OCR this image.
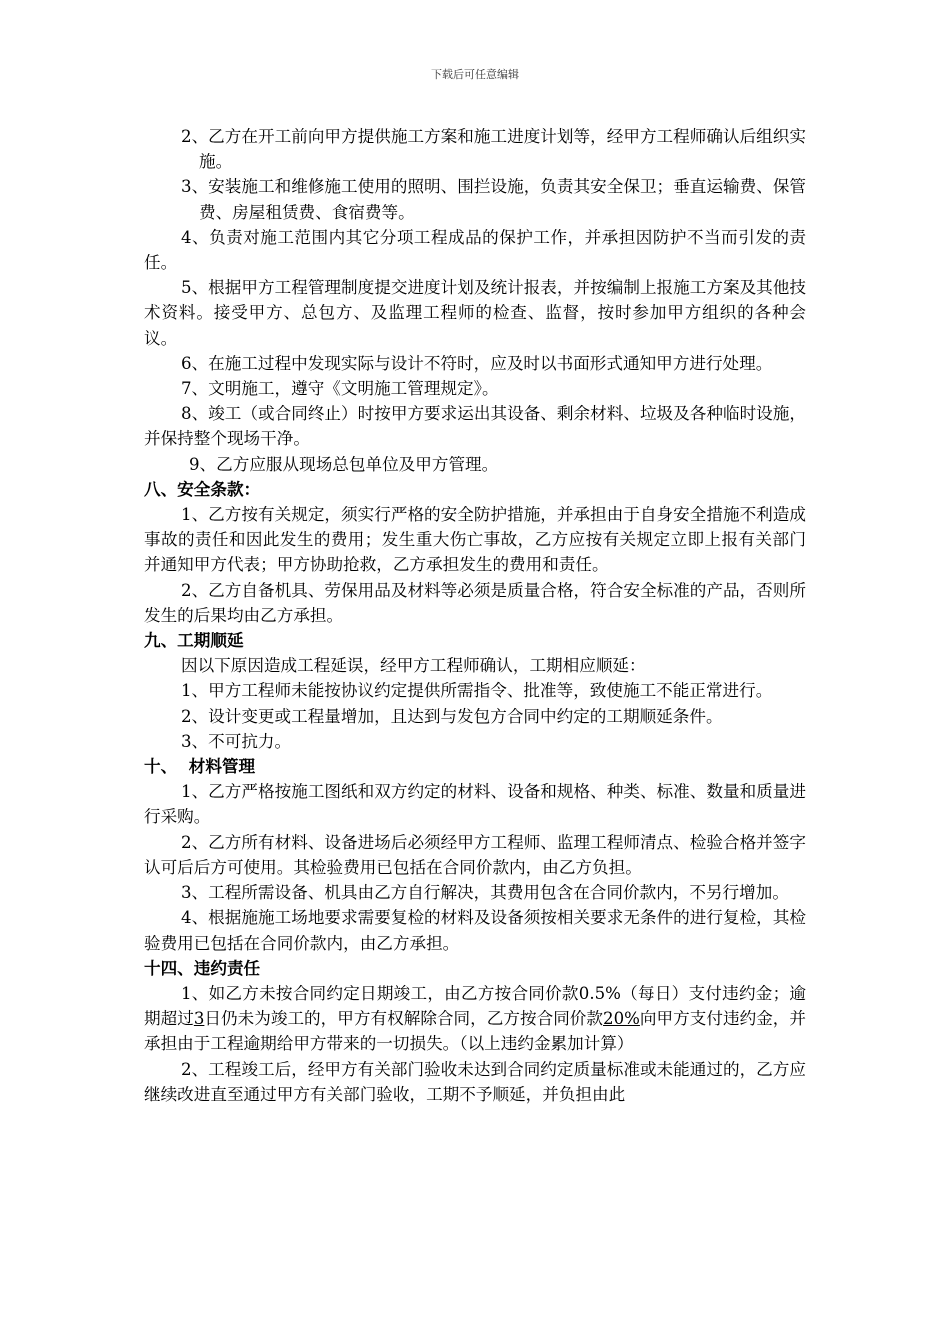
下载后可任意编辑

2、乙方在开工前向甲方提供施工方案和施工进度计划等，经甲方工程师确认后组织实施。

3、安装施工和维修施工使用的照明、围拦设施，负责其安全保卫；垂直运输费、保管费、房屋租赁费、食宿费等。

4、负责对施工范围内其它分项工程成品的保护工作，并承担因防护不当而引发的责任。

5、根据甲方工程管理制度提交进度计划及统计报表，并按编制上报施工方案及其他技术资料。接受甲方、总包方、及监理工程师的检查、监督，按时参加甲方组织的各种会议。

6、在施工过程中发现实际与设计不符时，应及时以书面形式通知甲方进行处理。

7、文明施工，遵守《文明施工管理规定》。

8、竣工（或合同终止）时按甲方要求运出其设备、剩余材料、垃圾及各种临时设施，并保持整个现场干净。

9、乙方应服从现场总包单位及甲方管理。

八、安全条款：

1、乙方按有关规定，须实行严格的安全防护措施，并承担由于自身安全措施不利造成事故的责任和因此发生的费用；发生重大伤亡事故，乙方应按有关规定立即上报有关部门并通知甲方代表；甲方协助抢救，乙方承担发生的费用和责任。

2、乙方自备机具、劳保用品及材料等必须是质量合格，符合安全标准的产品，否则所发生的后果均由乙方承担。

九、工期顺延

因以下原因造成工程延误，经甲方工程师确认，工期相应顺延：

1、甲方工程师未能按协议约定提供所需指令、批准等，致使施工不能正常进行。

2、设计变更或工程量增加，且达到与发包方合同中约定的工期顺延条件。

3、不可抗力。

十、  材料管理

1、乙方严格按施工图纸和双方约定的材料、设备和规格、种类、标准、数量和质量进行采购。

2、乙方所有材料、设备进场后必须经甲方工程师、监理工程师清点、检验合格并签字认可后后方可使用。其检验费用已包括在合同价款内，由乙方负担。

3、工程所需设备、机具由乙方自行解决，其费用包含在合同价款内，不另行增加。

4、根据施施工场地要求需要复检的材料及设备须按相关要求无条件的进行复检，其检验费用已包括在合同价款内，由乙方承担。

十四、违约责任

1、如乙方未按合同约定日期竣工，由乙方按合同价款0.5%（每日）支付违约金；逾期超过3日仍未为竣工的，甲方有权解除合同，乙方按合同价款20%向甲方支付违约金，并承担由于工程逾期给甲方带来的一切损失。（以上违约金累加计算）

2、工程竣工后，经甲方有关部门验收未达到合同约定质量标准或未能通过的，乙方应继续改进直至通过甲方有关部门验收，工期不予顺延，并负担由此
